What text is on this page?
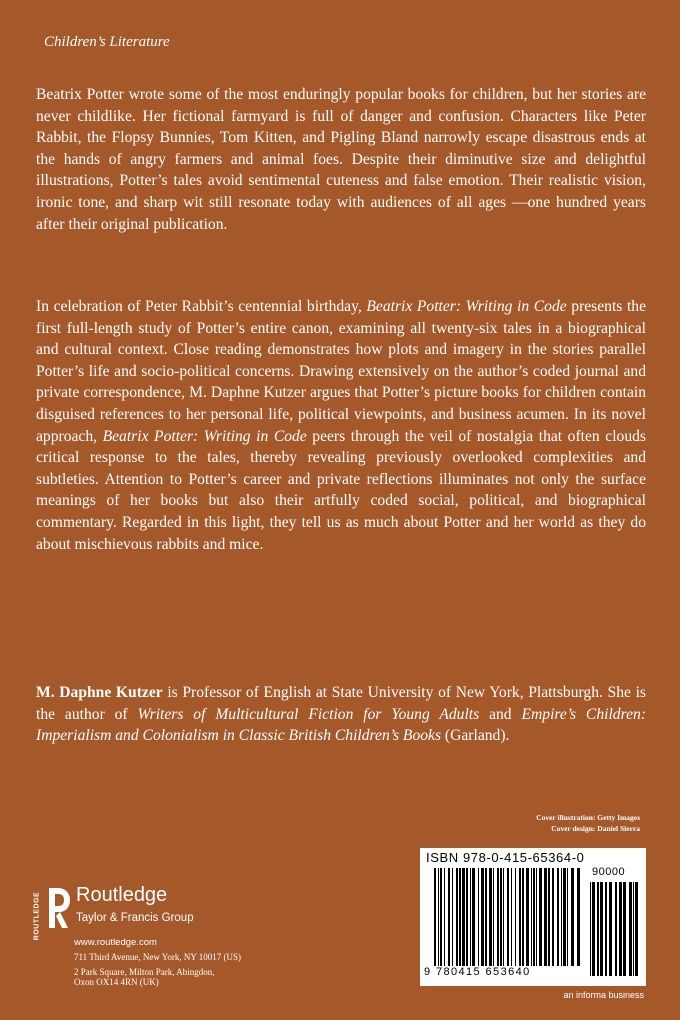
Children’s Literature

Beatrix Potter wrote some of the most enduringly popular books for children, but her stories are never childlike. Her fictional farmyard is full of danger and confusion. Characters like Peter Rabbit, the Flopsy Bunnies, Tom Kitten, and Pigling Bland narrowly escape disastrous ends at the hands of angry farmers and animal foes. Despite their diminutive size and delightful illustrations, Potter’s tales avoid sentimental cuteness and false emotion. Their realistic vision, ironic tone, and sharp wit still resonate today with audiences of all ages —one hundred years after their original publication.

In celebration of Peter Rabbit’s centennial birthday, Beatrix Potter: Writing in Code presents the first full-length study of Potter’s entire canon, examining all twenty-six tales in a biographical and cultural context. Close reading demonstrates how plots and imagery in the stories parallel Potter’s life and socio-political concerns. Drawing extensively on the author’s coded journal and private correspondence, M. Daphne Kutzer argues that Potter’s picture books for children contain disguised references to her personal life, political viewpoints, and business acumen. In its novel approach, Beatrix Potter: Writing in Code peers through the veil of nostalgia that often clouds critical response to the tales, thereby revealing previously overlooked complexities and subtleties. Attention to Potter’s career and private reflections illuminates not only the surface meanings of her books but also their artfully coded social, political, and biographical commentary. Regarded in this light, they tell us as much about Potter and her world as they do about mischievous rabbits and mice.

M. Daphne Kutzer is Professor of English at State University of New York, Plattsburgh. She is the author of Writers of Multicultural Fiction for Young Adults and Empire’s Children: Imperialism and Colonialism in Classic British Children’s Books (Garland).

Cover illustration: Getty Images
Cover design: Daniel Sierra
ROUTLEDGE Routledge
Taylor & Francis Group
www.routledge.com
711 Third Avenue, New York, NY 10017 (US)
2 Park Square, Milton Park, Abingdon,
Oxon OX14 4RN (UK)
ISBN 978-0-415-65364-0
90000
9 780415 653640
an informa business
